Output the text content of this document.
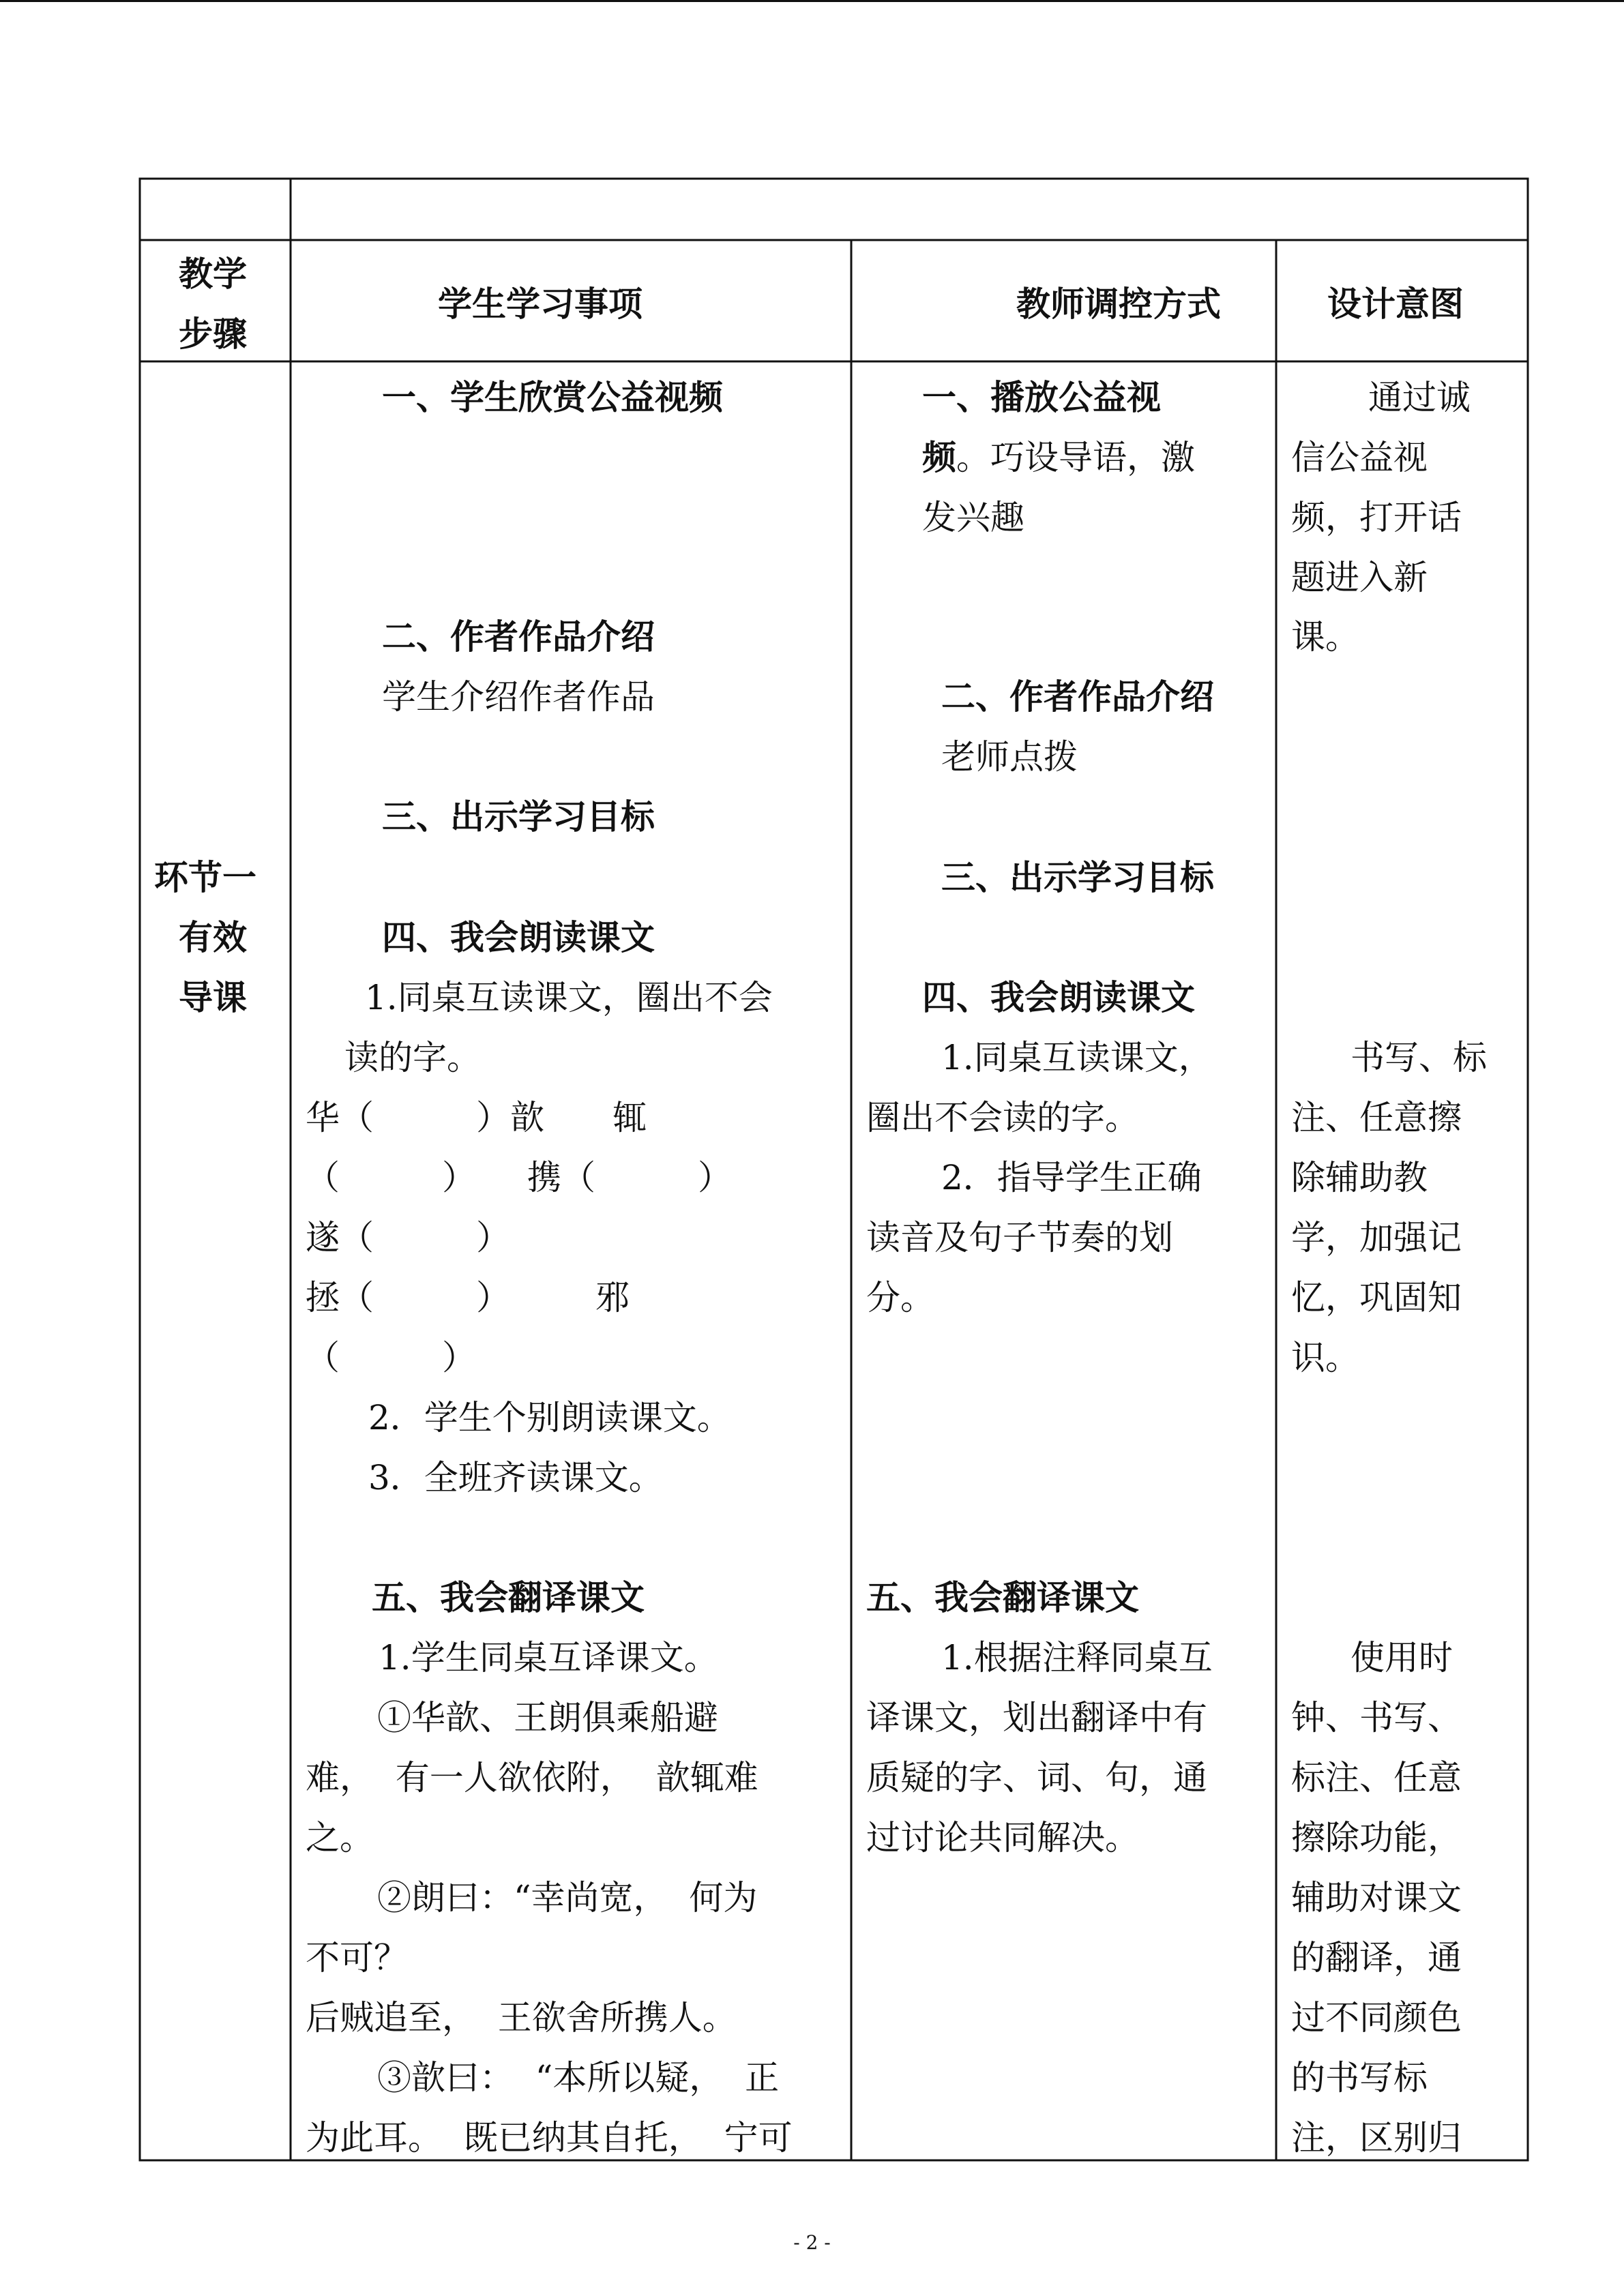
教学
步骤
学生学习事项	教师调控方式	设计意图
环节一
有效
导课
一、学生欣赏公益视频
二、作者作品介绍
学生介绍作者作品
三、出示学习目标
四、我会朗读课文
1.同桌互读课文，圈出不会
读的字。
华（　　　）歆　　辄
（　　　）　　携（　　　）
遂（　　　）
拯（　　　）　　　邪
（　　　）
2．学生个别朗读课文。
3．全班齐读课文。
五、我会翻译课文
1.学生同桌互译课文。
①华歆、王朗俱乘船避
难，  有一人欲依附，  歆辄难
之。
②朗曰：“幸尚宽，  何为
不可？
后贼追至，  王欲舍所携人。
③歆曰：  “本所以疑，  正
为此耳。  既已纳其自托，  宁可
一、播放公益视
频。巧设导语，激
发兴趣
二、作者作品介绍
老师点拨
三、出示学习目标
四、我会朗读课文
1.同桌互读课文，
圈出不会读的字。
2．指导学生正确
读音及句子节奏的划
分。
五、我会翻译课文
1.根据注释同桌互
译课文，划出翻译中有
质疑的字、词、句，通
过讨论共同解决。
通过诚
信公益视
频，打开话
题进入新
课。
书写、标
注、任意擦
除辅助教
学，加强记
忆，巩固知
识。
使用时
钟、书写、
标注、任意
擦除功能，
辅助对课文
的翻译，通
过不同颜色
的书写标
注，区别归
- 2 -
